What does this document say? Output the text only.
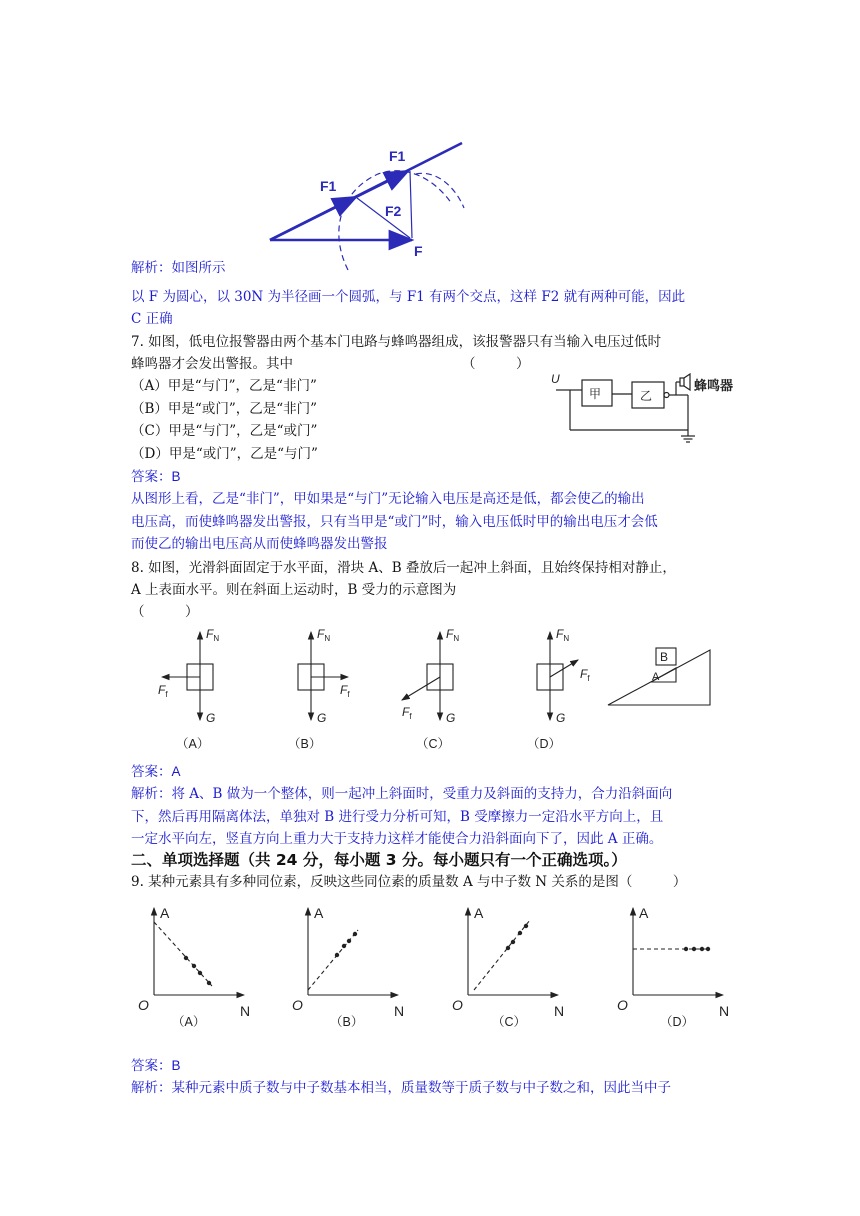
F1
F1
F2
F
解析：如图所示
以 F 为圆心，以 30N 为半径画一个圆弧，与 F1 有两个交点，这样 F2 就有两种可能，因此
C 正确
7. 如图，低电位报警器由两个基本门电路与蜂鸣器组成，该报警器只有当输入电压过低时
蜂鸣器才会发出警报。其中	（　　　）
（A）甲是“与门”，乙是“非门”
（B）甲是“或门”，乙是“非门”
（C）甲是“与门”，乙是“或门”
（D）甲是“或门”，乙是“与门”
U
甲	乙
蜂鸣器
答案：B
从图形上看，乙是“非门”，甲如果是“与门”无论输入电压是高还是低，都会使乙的输出
电压高，而使蜂鸣器发出警报，只有当甲是“或门”时，输入电压低时甲的输出电压才会低
而使乙的输出电压高从而使蜂鸣器发出警报
8. 如图，光滑斜面固定于水平面，滑块 A、B 叠放后一起冲上斜面，且始终保持相对静止，
A 上表面水平。则在斜面上运动时，B 受力的示意图为
（　　　）
$F_N$
$F_f$
G
$F_N$
$F_f$
G
$F_N$
$F_f$	G
$F_N$
$F_f$
G
B
A
（A）	（B）	（C）	（D）
答案：A
解析：将 A、B 做为一个整体，则一起冲上斜面时，受重力及斜面的支持力，合力沿斜面向
下，然后再用隔离体法，单独对 B 进行受力分析可知，B 受摩擦力一定沿水平方向上，且
一定水平向左，竖直方向上重力大于支持力这样才能使合力沿斜面向下了，因此 A 正确。
二、单项选择题（共 24 分，每小题 3 分。每小题只有一个正确选项。）
9. 某种元素具有多种同位素，反映这些同位素的质量数 A 与中子数 N 关系的是图（　　　）
A
N
O
A
N
O
A
N
O
A
N
O
（A）	（B）	（C）	（D）
答案：B
解析：某种元素中质子数与中子数基本相当，质量数等于质子数与中子数之和，因此当中子
